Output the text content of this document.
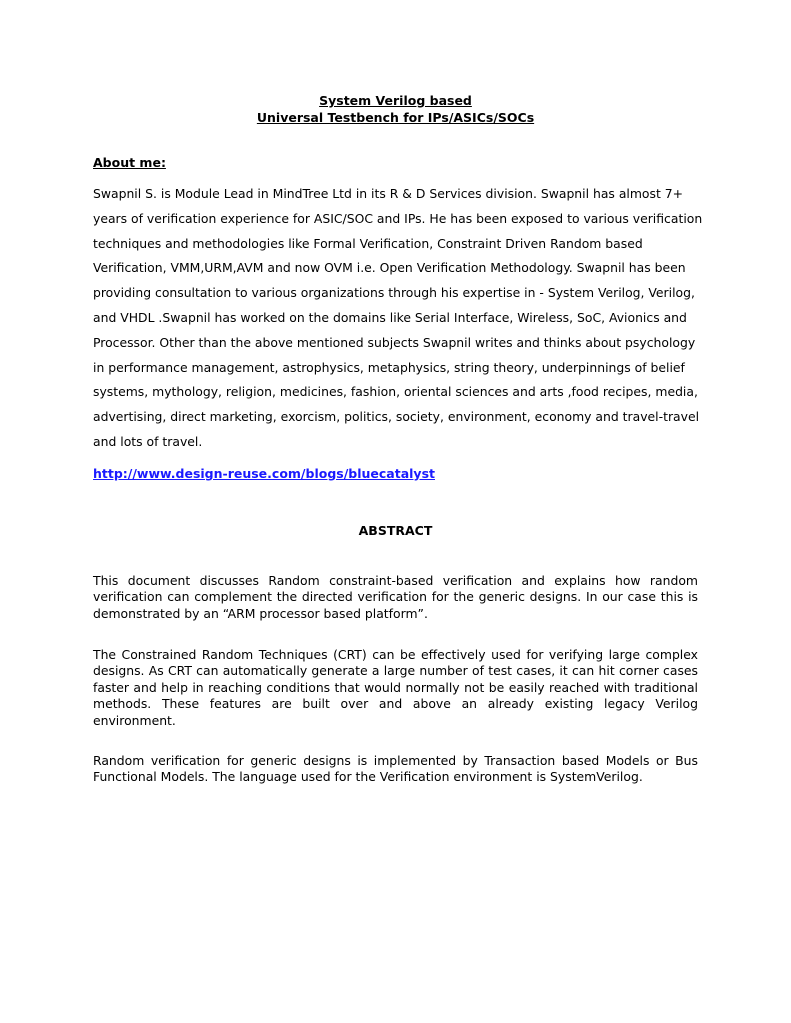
System Verilog based
Universal Testbench for IPs/ASICs/SOCs
About me:

Swapnil S. is Module Lead in MindTree Ltd in its R & D Services division. Swapnil has almost 7+ years of verification experience for ASIC/SOC and IPs. He has been exposed to various verification techniques and methodologies like Formal Verification, Constraint Driven Random based Verification, VMM,URM,AVM and now OVM i.e. Open Verification Methodology. Swapnil has been providing consultation to various organizations through his expertise in - System Verilog, Verilog, and VHDL .Swapnil has worked on the domains like Serial Interface, Wireless, SoC, Avionics and Processor. Other than the above mentioned subjects Swapnil writes and thinks about psychology in performance management, astrophysics, metaphysics, string theory, underpinnings of belief systems, mythology, religion, medicines, fashion, oriental sciences and arts ,food recipes, media, advertising, direct marketing, exorcism, politics, society, environment, economy and travel-travel and lots of travel.

http://www.design-reuse.com/blogs/bluecatalyst
ABSTRACT

This document discusses Random constraint-based verification and explains how random verification can complement the directed verification for the generic designs. In our case this is demonstrated by an “ARM processor based platform”.

The Constrained Random Techniques (CRT) can be effectively used for verifying large complex designs. As CRT can automatically generate a large number of test cases, it can hit corner cases faster and help in reaching conditions that would normally not be easily reached with traditional methods. These features are built over and above an already existing legacy Verilog environment.

Random verification for generic designs is implemented by Transaction based Models or Bus Functional Models. The language used for the Verification environment is SystemVerilog.
